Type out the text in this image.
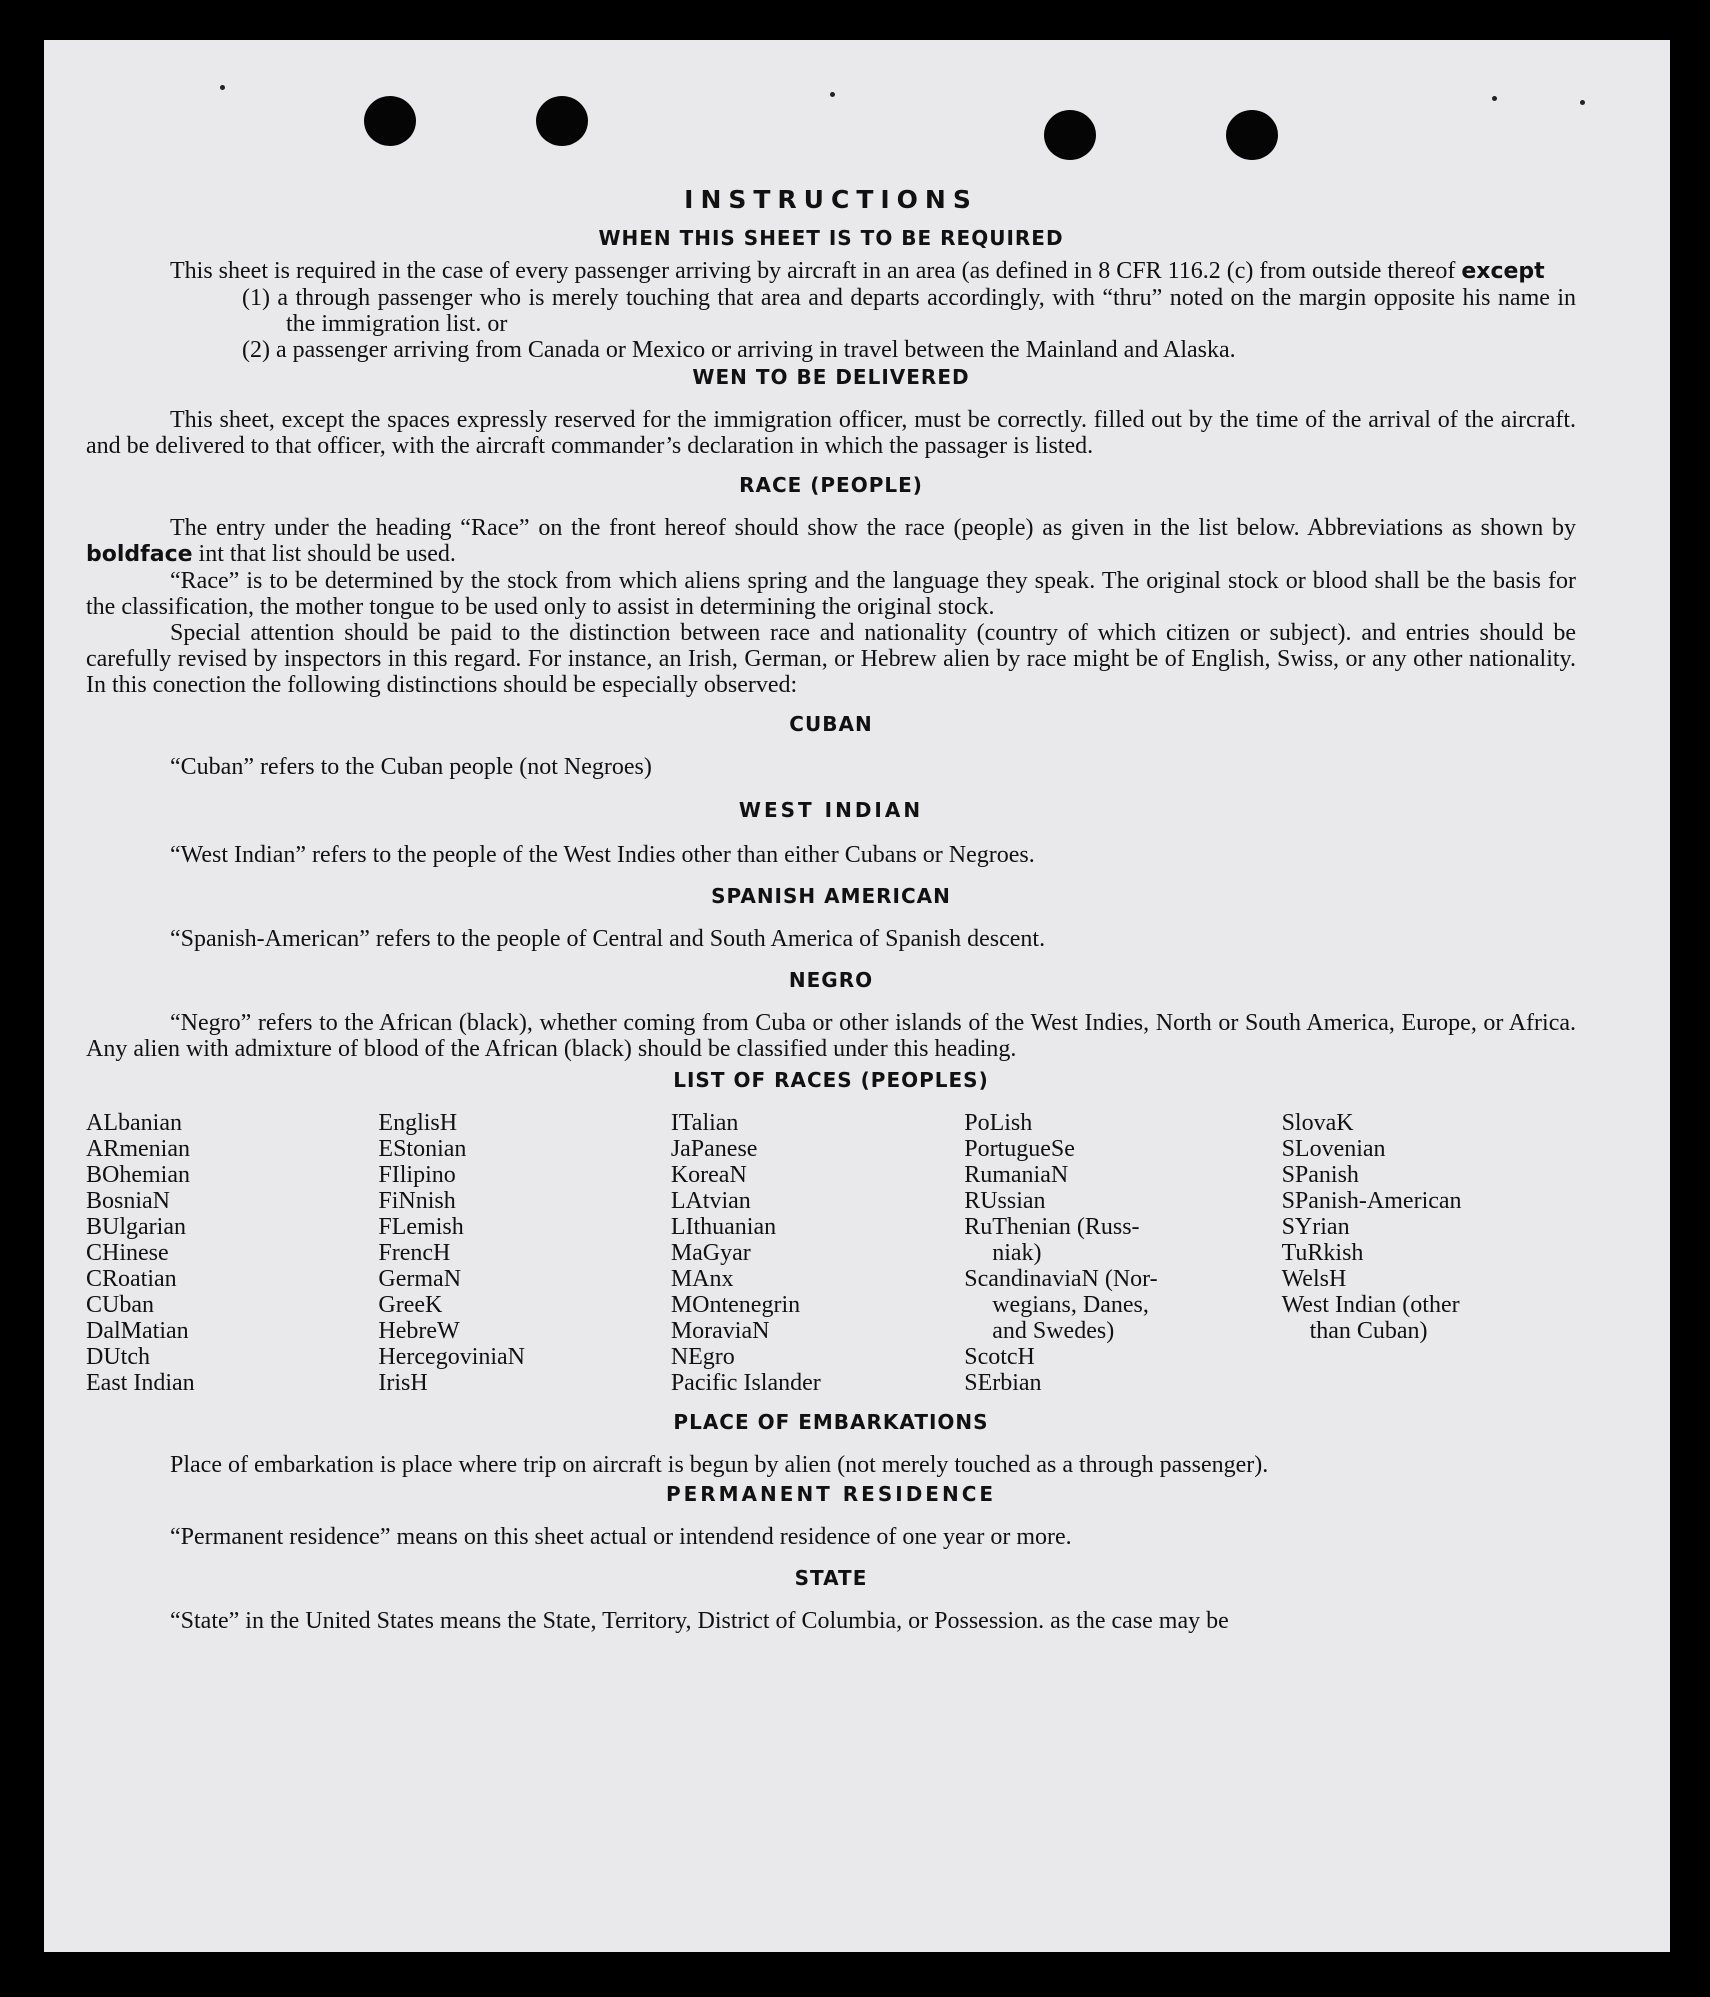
INSTRUCTIONS
WHEN THIS SHEET IS TO BE REQUIRED

This sheet is required in the case of every passenger arriving by aircraft in an area (as defined in 8 CFR 116.2 (c) from outside thereof except

(1) a through passenger who is merely touching that area and departs accordingly, with “thru” noted on the margin opposite his name in the immigration list. or

(2) a passenger arriving from Canada or Mexico or arriving in travel between the Mainland and Alaska.

WEN TO BE DELIVERED

This sheet, except the spaces expressly reserved for the immigration officer, must be correctly. filled out by the time of the arrival of the aircraft. and be delivered to that officer, with the aircraft commander’s declaration in which the passager is listed.

RACE (PEOPLE)

The entry under the heading “Race” on the front hereof should show the race (people) as given in the list below. Abbreviations as shown by boldface int that list should be used.

“Race” is to be determined by the stock from which aliens spring and the language they speak. The original stock or blood shall be the basis for the classification, the mother tongue to be used only to assist in determining the original stock.

Special attention should be paid to the distinction between race and nationality (country of which citizen or subject). and entries should be carefully revised by inspectors in this regard. For instance, an Irish, German, or Hebrew alien by race might be of English, Swiss, or any other nationality. In this conection the following distinctions should be especially observed:

CUBAN

“Cuban” refers to the Cuban people (not Negroes)

WEST INDIAN

“West Indian” refers to the people of the West Indies other than either Cubans or Negroes.

SPANISH AMERICAN

“Spanish-American” refers to the people of Central and South America of Spanish descent.

NEGRO

“Negro” refers to the African (black), whether coming from Cuba or other islands of the West Indies, North or South America, Europe, or Africa. Any alien with admixture of blood of the African (black) should be classified under this heading.

LIST OF RACES (PEOPLES)
ALbanian
ARmenian
BOhemian
BosniaN
BUlgarian
CHinese
CRoatian
CUban
DalMatian
DUtch
East Indian
EnglisH
EStonian
FIlipino
FiNnish
FLemish
FrencH
GermaN
GreeK
HebreW
HercegoviniaN
IrisH
ITalian
JaPanese
KoreaN
LAtvian
LIthuanian
MaGyar
MAnx
MOntenegrin
MoraviaN
NEgro
Pacific Islander
PoLish
PortugueSe
RumaniaN
RUssian
RuThenian (Russ-
niak)
ScandinaviaN (Nor-
wegians, Danes,
and Swedes)
ScotcH
SErbian
SlovaK
SLovenian
SPanish
SPanish-American
SYrian
TuRkish
WelsH
West Indian (other
than Cuban)
PLACE OF EMBARKATIONS

Place of embarkation is place where trip on aircraft is begun by alien (not merely touched as a through passenger).

PERMANENT RESIDENCE

“Permanent residence” means on this sheet actual or intendend residence of one year or more.

STATE

“State” in the United States means the State, Territory, District of Columbia, or Possession. as the case may be
